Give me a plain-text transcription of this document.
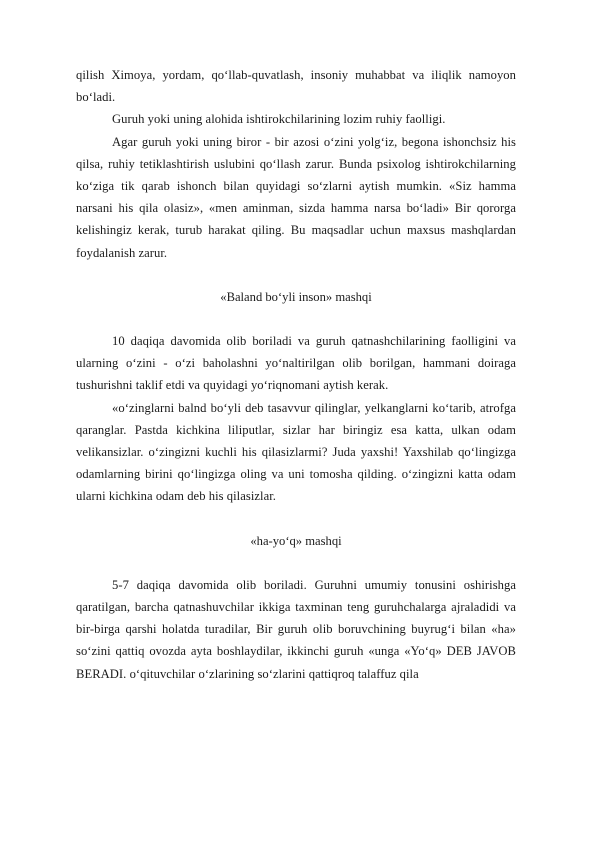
qilish Ximoya, yordam, qo‘llab-quvatlash, insoniy muhabbat va iliqlik namoyon bo‘ladi.

Guruh yoki uning alohida ishtirokchilarining lozim ruhiy faolligi.

Agar guruh yoki uning biror - bir azosi o‘zini yolg‘iz, begona ishonchsiz his qilsa, ruhiy tetiklashtirish uslubini qo‘llash zarur. Bunda psixolog ishtirokchilarning ko‘ziga tik qarab ishonch bilan quyidagi so‘zlarni aytish mumkin. «Siz hamma narsani his qila olasiz», «men aminman, sizda hamma narsa bo‘ladi» Bir qororga kelishingiz kerak, turub harakat qiling. Bu maqsadlar uchun maxsus mashqlardan foydalanish zarur.

«Baland bo‘yli inson» mashqi

10 daqiqa davomida olib boriladi va guruh qatnashchilarining faolligini va ularning o‘zini - o‘zi baholashni yo‘naltirilgan olib borilgan, hammani doiraga tushurishni taklif etdi va quyidagi yo‘riqnomani aytish kerak.

«o‘zinglarni balnd bo‘yli deb tasavvur qilinglar, yelkanglarni ko‘tarib, atrofga qaranglar. Pastda kichkina liliputlar, sizlar har biringiz esa katta, ulkan odam velikansizlar. o‘zingizni kuchli his qilasizlarmi? Juda yaxshi! Yaxshilab qo‘lingizga odamlarning birini qo‘lingizga oling va uni tomosha qilding. o‘zingizni katta odam ularni kichkina odam deb his qilasizlar.

«ha-yo‘q» mashqi

5-7 daqiqa davomida olib boriladi. Guruhni umumiy tonusini oshirishga qaratilgan, barcha qatnashuvchilar ikkiga taxminan teng guruhchalarga ajraladidi va bir-birga qarshi holatda turadilar, Bir guruh olib boruvchining buyrug‘i bilan «ha» so‘zini qattiq ovozda ayta boshlaydilar, ikkinchi guruh «unga «Yo‘q» DEB JAVOB BERADI. o‘qituvchilar o‘zlarining so‘zlarini qattiqroq talaffuz qila
